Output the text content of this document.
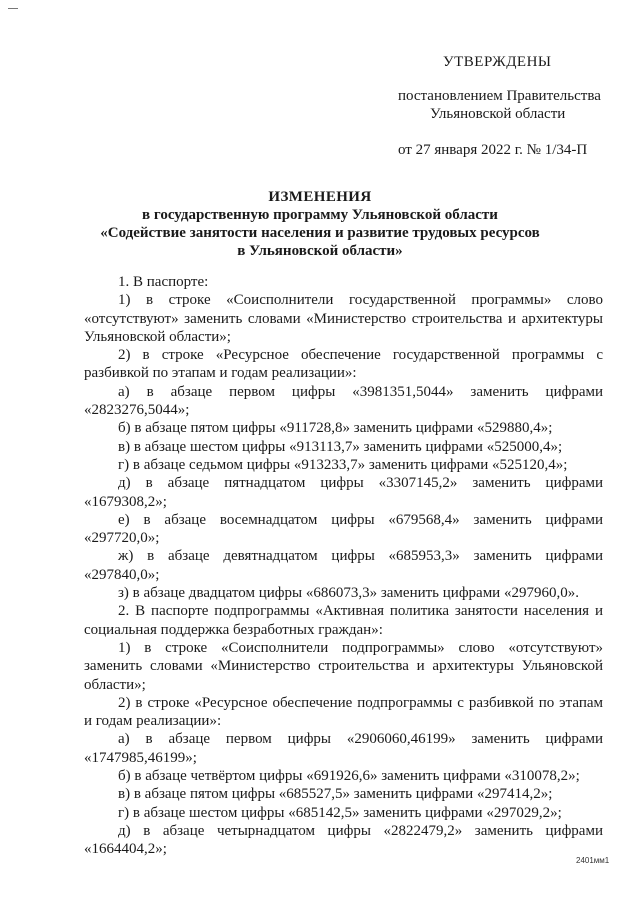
УТВЕРЖДЕНЫ
постановлением Правительства
Ульяновской области
от 27 января 2022 г. № 1/34-П
ИЗМЕНЕНИЯ
в государственную программу Ульяновской области
«Содействие занятости населения и развитие трудовых ресурсов
в Ульяновской области»

1. В паспорте:

1) в строке «Соисполнители государственной программы» слово «отсутствуют» заменить словами «Министерство строительства и архитектуры Ульяновской области»;

2) в строке «Ресурсное обеспечение государственной программы с разбивкой по этапам и годам реализации»:

а) в абзаце первом цифры «3981351,5044» заменить цифрами «2823276,5044»;

б) в абзаце пятом цифры «911728,8» заменить цифрами «529880,4»;

в) в абзаце шестом цифры «913113,7» заменить цифрами «525000,4»;

г) в абзаце седьмом цифры «913233,7» заменить цифрами «525120,4»;

д) в абзаце пятнадцатом цифры «3307145,2» заменить цифрами «1679308,2»;

е) в абзаце восемнадцатом цифры «679568,4» заменить цифрами «297720,0»;

ж) в абзаце девятнадцатом цифры «685953,3» заменить цифрами «297840,0»;

з) в абзаце двадцатом цифры «686073,3» заменить цифрами «297960,0».

2. В паспорте подпрограммы «Активная политика занятости населения и социальная поддержка безработных граждан»:

1) в строке «Соисполнители подпрограммы» слово «отсутствуют» заменить словами «Министерство строительства и архитектуры Ульяновской области»;

2) в строке «Ресурсное обеспечение подпрограммы с разбивкой по этапам и годам реализации»:

а) в абзаце первом цифры «2906060,46199» заменить цифрами «1747985,46199»;

б) в абзаце четвёртом цифры «691926,6» заменить цифрами «310078,2»;

в) в абзаце пятом цифры «685527,5» заменить цифрами «297414,2»;

г) в абзаце шестом цифры «685142,5» заменить цифрами «297029,2»;

д) в абзаце четырнадцатом цифры «2822479,2» заменить цифрами «1664404,2»;

2401мм1
